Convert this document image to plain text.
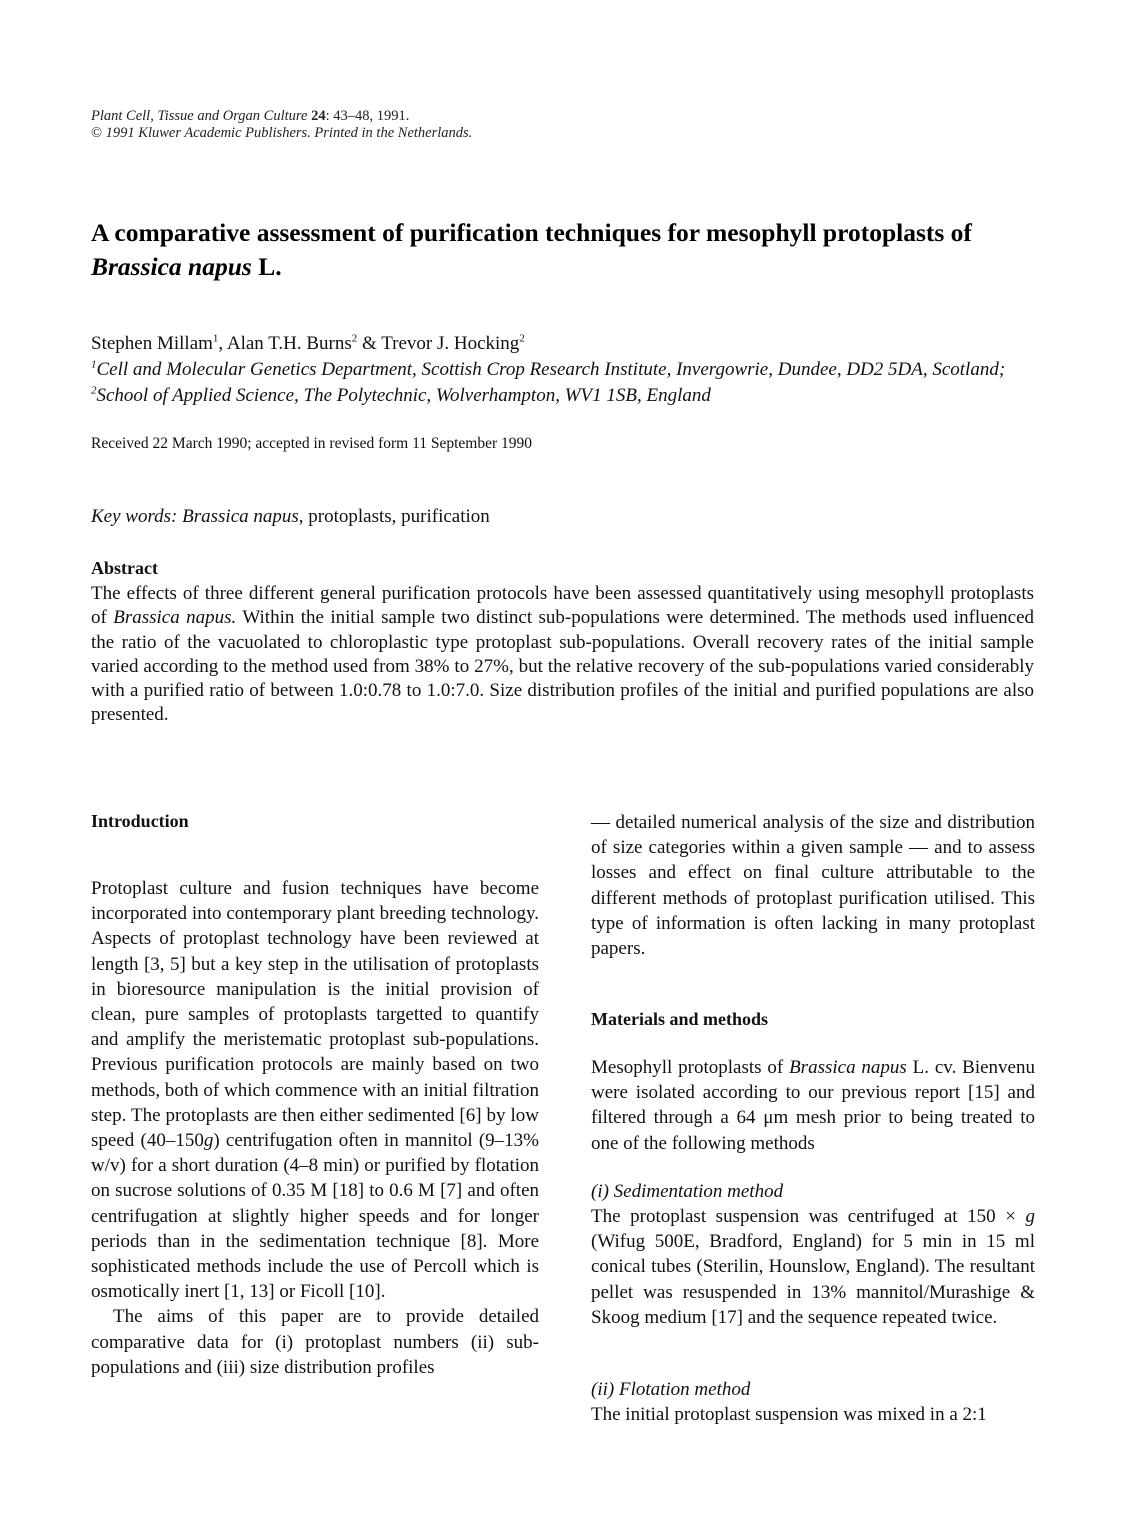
Plant Cell, Tissue and Organ Culture 24: 43–48, 1991.
© 1991 Kluwer Academic Publishers. Printed in the Netherlands.
A comparative assessment of purification techniques for mesophyll protoplasts of Brassica napus L.
Stephen Millam$^1$, Alan T.H. Burns$^2$ & Trevor J. Hocking$^2$
$^1$Cell and Molecular Genetics Department, Scottish Crop Research Institute, Invergowrie, Dundee, DD2 5DA, Scotland; $^2$School of Applied Science, The Polytechnic, Wolverhampton, WV1 1SB, England
Received 22 March 1990; accepted in revised form 11 September 1990
Key words: Brassica napus, protoplasts, purification
Abstract
The effects of three different general purification protocols have been assessed quantitatively using mesophyll protoplasts of Brassica napus. Within the initial sample two distinct sub-populations were determined. The methods used influenced the ratio of the vacuolated to chloroplastic type protoplast sub-populations. Overall recovery rates of the initial sample varied according to the method used from 38% to 27%, but the relative recovery of the sub-populations varied considerably with a purified ratio of between 1.0:0.78 to 1.0:7.0. Size distribution profiles of the initial and purified populations are also presented.

Introduction

Protoplast culture and fusion techniques have become incorporated into contemporary plant breeding technology. Aspects of protoplast technology have been reviewed at length [3, 5] but a key step in the utilisation of protoplasts in bioresource manipulation is the initial provision of clean, pure samples of protoplasts targetted to quantify and amplify the meristematic protoplast sub-populations. Previous purification protocols are mainly based on two methods, both of which commence with an initial filtration step. The protoplasts are then either sedimented [6] by low speed (40–150g) centrifugation often in mannitol (9–13% w/v) for a short duration (4–8 min) or purified by flotation on sucrose solutions of 0.35 M [18] to 0.6 M [7] and often centrifugation at slightly higher speeds and for longer periods than in the sedimentation technique [8]. More sophisticated methods include the use of Percoll which is osmotically inert [1, 13] or Ficoll [10].

The aims of this paper are to provide detailed comparative data for (i) protoplast numbers (ii) sub-populations and (iii) size distribution profiles

— detailed numerical analysis of the size and distribution of size categories within a given sample — and to assess losses and effect on final culture attributable to the different methods of protoplast purification utilised. This type of information is often lacking in many protoplast papers.

Materials and methods

Mesophyll protoplasts of Brassica napus L. cv. Bienvenu were isolated according to our previous report [15] and filtered through a 64 μm mesh prior to being treated to one of the following methods

(i) Sedimentation method

The protoplast suspension was centrifuged at 150 × g (Wifug 500E, Bradford, England) for 5 min in 15 ml conical tubes (Sterilin, Hounslow, England). The resultant pellet was resuspended in 13% mannitol/Murashige & Skoog medium [17] and the sequence repeated twice.

(ii) Flotation method

The initial protoplast suspension was mixed in a 2:1
